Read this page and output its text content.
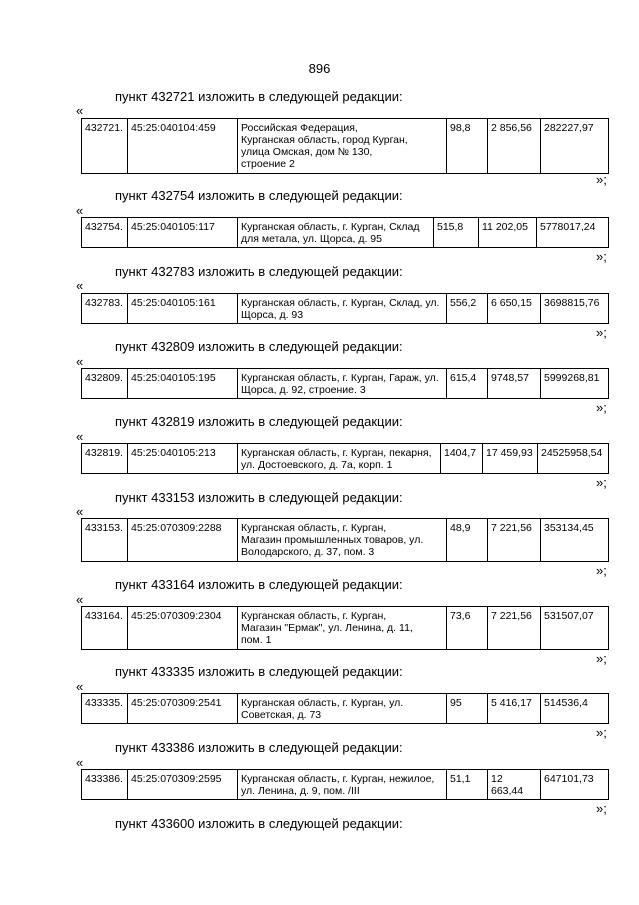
896
пункт 432721 изложить в следующей редакции:
«
432721.	45:25:040104:459	Российская Федерация,
Курганская область, город Курган,
улица Омская, дом № 130,
строение 2	98,8	2 856,56	282227,97
»;
пункт 432754 изложить в следующей редакции:
«
432754.	45:25:040105:117	Курганская область, г. Курган, Склад
для метала, ул. Щорса, д. 95	515,8	11 202,05	5778017,24
»;
пункт 432783 изложить в следующей редакции:
«
432783.	45:25:040105:161	Курганская область, г. Курган, Склад, ул.
Щорса, д. 93	556,2	6 650,15	3698815,76
»;
пункт 432809 изложить в следующей редакции:
«
432809.	45:25:040105:195	Курганская область, г. Курган, Гараж, ул.
Щорса, д. 92, строение. 3	615,4	9748,57	5999268,81
»;
пункт 432819 изложить в следующей редакции:
«
432819.	45:25:040105:213	Курганская область, г. Курган, пекарня,
ул. Достоевского, д. 7а, корп. 1	1404,7	17 459,93	24525958,54
»;
пункт 433153 изложить в следующей редакции:
«
433153.	45:25:070309:2288	Курганская область, г. Курган,
Магазин промышленных товаров, ул.
Володарского, д. 37, пом. 3	48,9	7 221,56	353134,45
»;
пункт 433164 изложить в следующей редакции:
«
433164.	45:25:070309:2304	Курганская область, г. Курган,
Магазин "Ермак", ул. Ленина, д. 11,
пом. 1	73,6	7 221,56	531507,07
»;
пункт 433335 изложить в следующей редакции:
«
433335.	45:25:070309:2541	Курганская область, г. Курган, ул.
Советская, д. 73	95	5 416,17	514536,4
»;
пункт 433386 изложить в следующей редакции:
«
433386.	45:25:070309:2595	Курганская область, г. Курган, нежилое,
ул. Ленина, д. 9, пом. /III	51,1	12 663,44	647101,73
»;
пункт 433600 изложить в следующей редакции:
